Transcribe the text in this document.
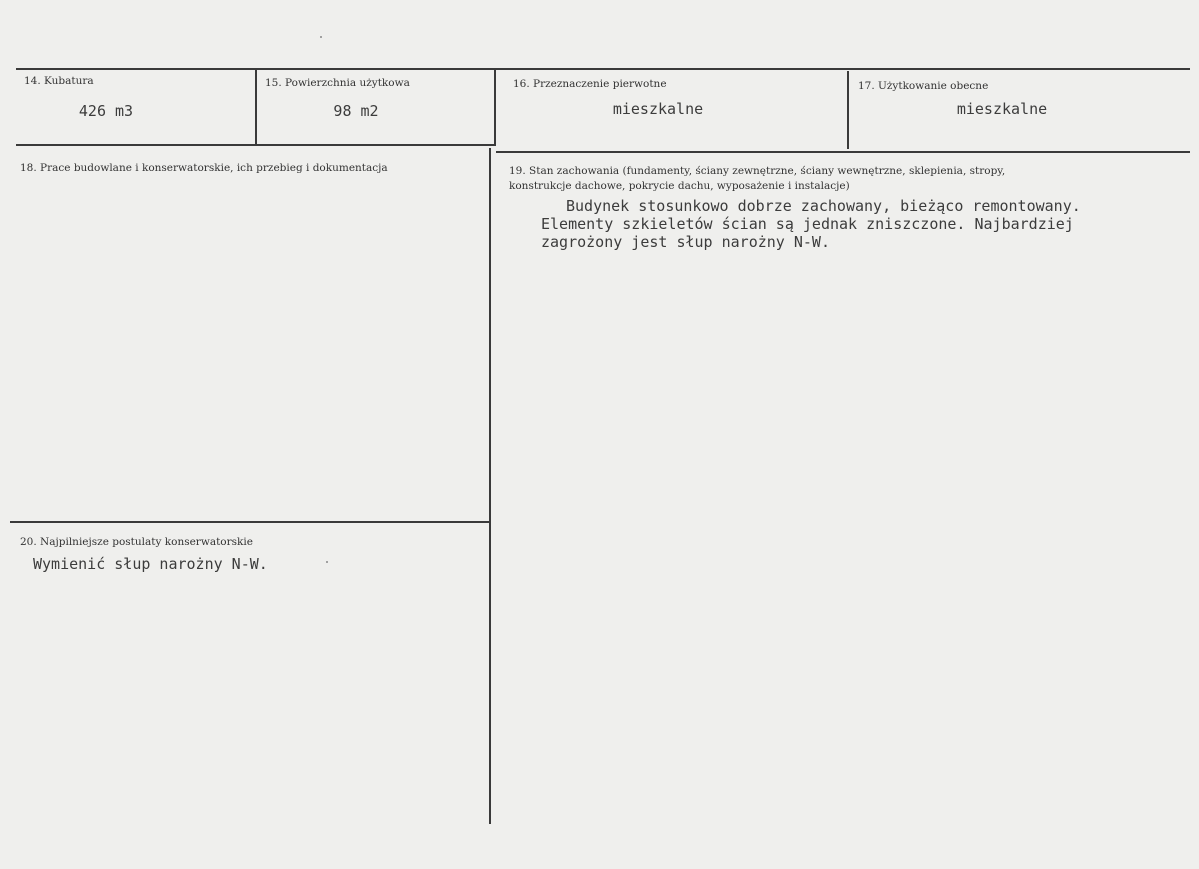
14. Kubatura
426 m3
15. Powierzchnia użytkowa
98 m2
16. Przeznaczenie pierwotne
mieszkalne
17. Użytkowanie obecne
mieszkalne
18. Prace budowlane i konserwatorskie, ich przebieg i dokumentacja	19. Stan zachowania (fundamenty, ściany zewnętrzne, ściany wewnętrzne, sklepienia, stropy,
konstrukcje dachowe, pokrycie dachu, wyposażenie i instalacje)
Budynek stosunkowo dobrze zachowany, bieżąco remontowany.
Elementy szkieletów ścian są jednak zniszczone. Najbardziej
zagrożony jest słup narożny N-W.
20. Najpilniejsze postulaty konserwatorskie
Wymienić słup narożny N-W.
